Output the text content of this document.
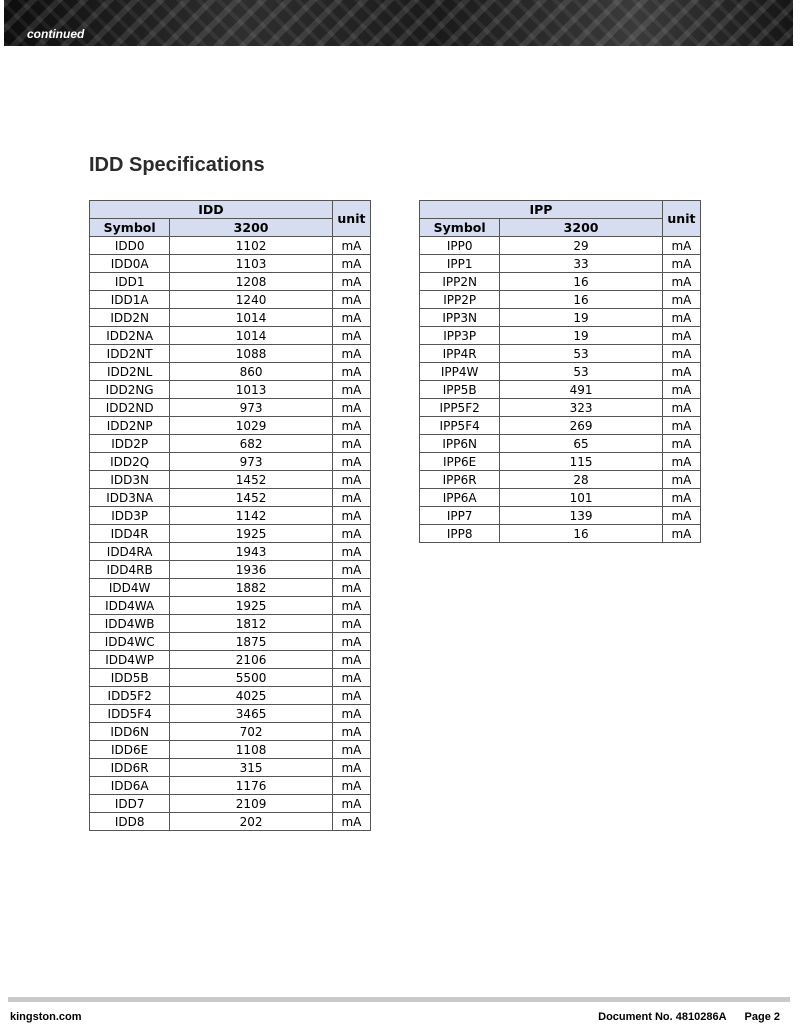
continued
IDD Specifications
IDD		unit
Symbol	3200	
IDD0	1102	mA
IDD0A	1103	mA
IDD1	1208	mA
IDD1A	1240	mA
IDD2N	1014	mA
IDD2NA	1014	mA
IDD2NT	1088	mA
IDD2NL	860	mA
IDD2NG	1013	mA
IDD2ND	973	mA
IDD2NP	1029	mA
IDD2P	682	mA
IDD2Q	973	mA
IDD3N	1452	mA
IDD3NA	1452	mA
IDD3P	1142	mA
IDD4R	1925	mA
IDD4RA	1943	mA
IDD4RB	1936	mA
IDD4W	1882	mA
IDD4WA	1925	mA
IDD4WB	1812	mA
IDD4WC	1875	mA
IDD4WP	2106	mA
IDD5B	5500	mA
IDD5F2	4025	mA
IDD5F4	3465	mA
IDD6N	702	mA
IDD6E	1108	mA
IDD6R	315	mA
IDD6A	1176	mA
IDD7	2109	mA
IDD8	202	mA
IPP		unit
Symbol	3200	
IPP0	29	mA
IPP1	33	mA
IPP2N	16	mA
IPP2P	16	mA
IPP3N	19	mA
IPP3P	19	mA
IPP4R	53	mA
IPP4W	53	mA
IPP5B	491	mA
IPP5F2	323	mA
IPP5F4	269	mA
IPP6N	65	mA
IPP6E	115	mA
IPP6R	28	mA
IPP6A	101	mA
IPP7	139	mA
IPP8	16	mA
kingston.com	Document No. 4810286A Page 2
